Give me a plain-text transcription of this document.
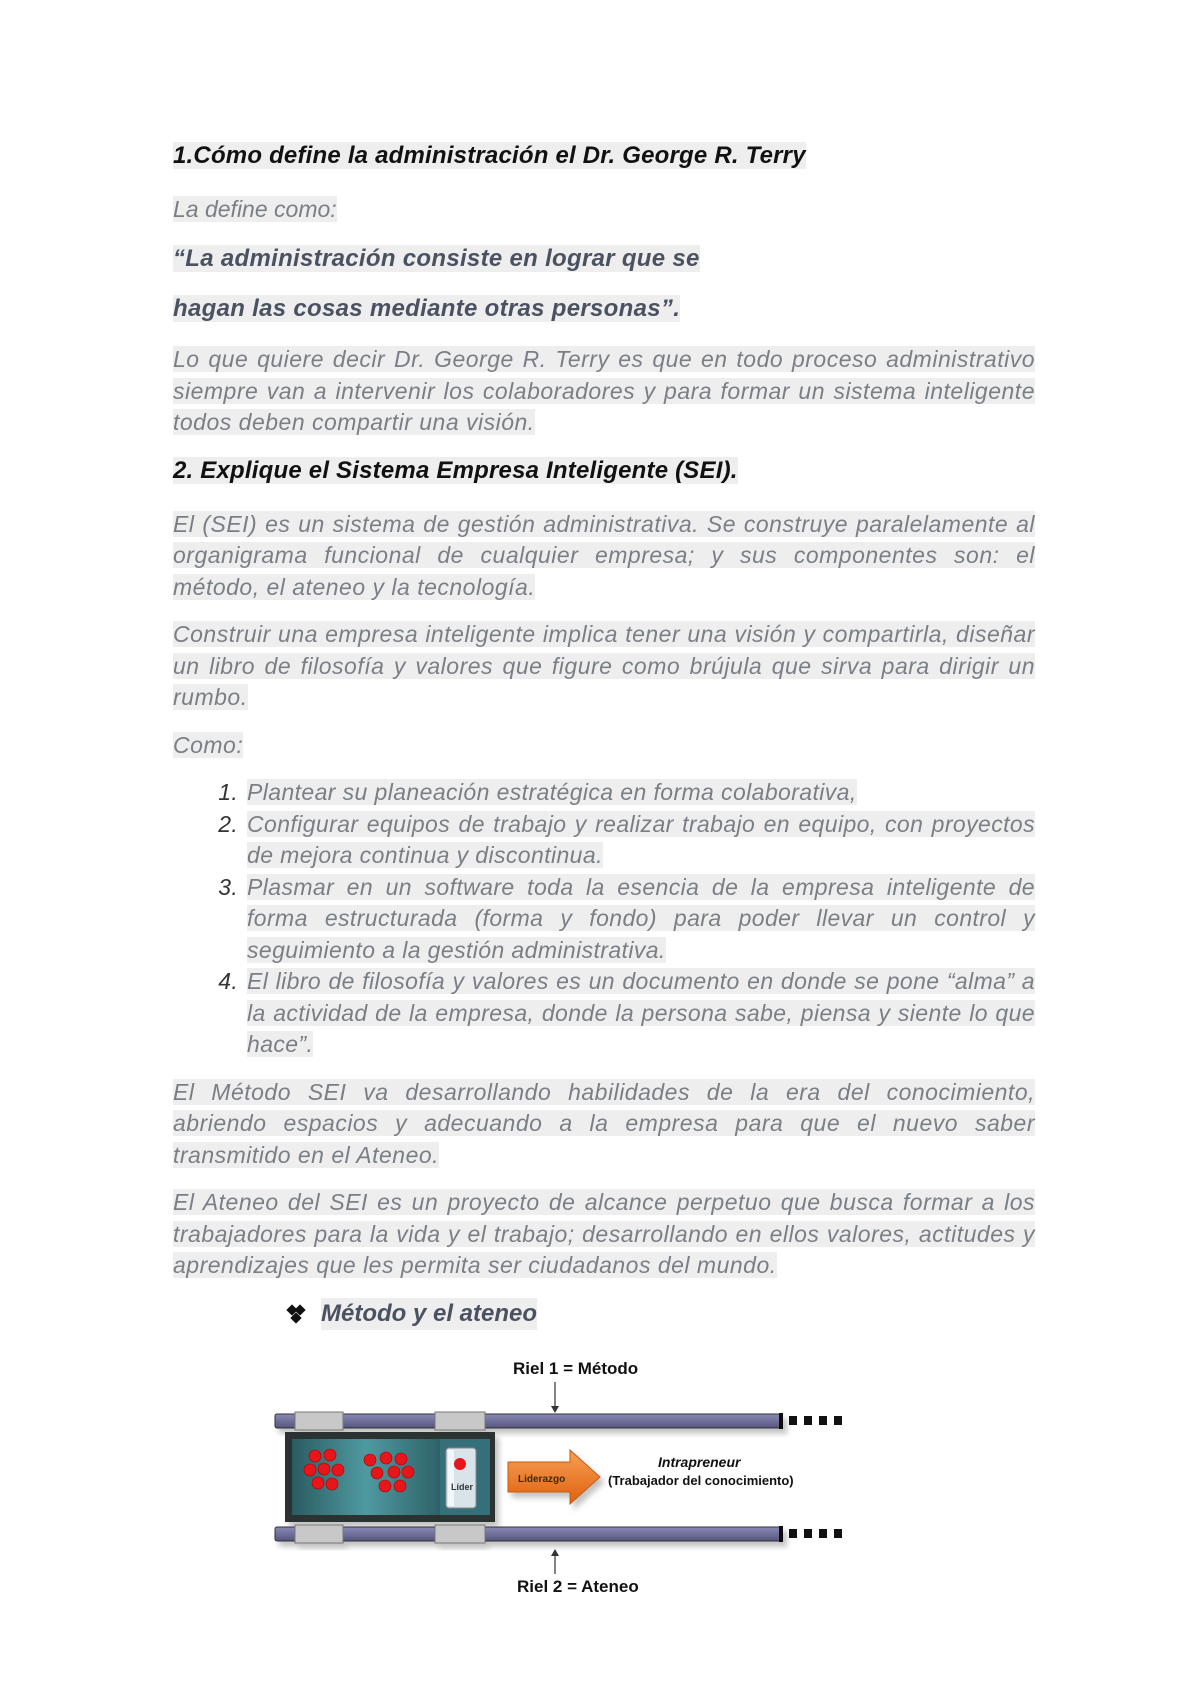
1.Cómo define la administración el Dr. George R. Terry

La define como:

“La administración consiste en lograr que se

hagan las cosas mediante otras personas”.

Lo que quiere decir Dr. George R. Terry es que en todo proceso administrativo siempre van a intervenir los colaboradores y para formar un sistema inteligente todos deben compartir una visión.

2. Explique el Sistema Empresa Inteligente (SEI).

El (SEI) es un sistema de gestión administrativa. Se construye paralelamente al organigrama funcional de cualquier empresa; y sus componentes son: el método, el ateneo y la tecnología.

Construir una empresa inteligente implica tener una visión y compartirla, diseñar un libro de filosofía y valores que figure como brújula que sirva para dirigir un rumbo.

Como:

1. Plantear su planeación estratégica en forma colaborativa,
2. Configurar equipos de trabajo y realizar trabajo en equipo, con proyectos de mejora continua y discontinua.
3. Plasmar en un software toda la esencia de la empresa inteligente de forma estructurada (forma y fondo) para poder llevar un control y seguimiento a la gestión administrativa.
4. El libro de filosofía y valores es un documento en donde se pone “alma” a la actividad de la empresa, donde la persona sabe, piensa y siente lo que hace”.

El Método SEI va desarrollando habilidades de la era del conocimiento, abriendo espacios y adecuando a la empresa para que el nuevo saber transmitido en el Ateneo.

El Ateneo del SEI es un proyecto de alcance perpetuo que busca formar a los trabajadores para la vida y el trabajo; desarrollando en ellos valores, actitudes y aprendizajes que les permita ser ciudadanos del mundo.

Método y el ateneo
Riel 1 = Método
Líder
Liderazgo
Intrapreneur
(Trabajador del conocimiento)
Riel 2 = Ateneo
